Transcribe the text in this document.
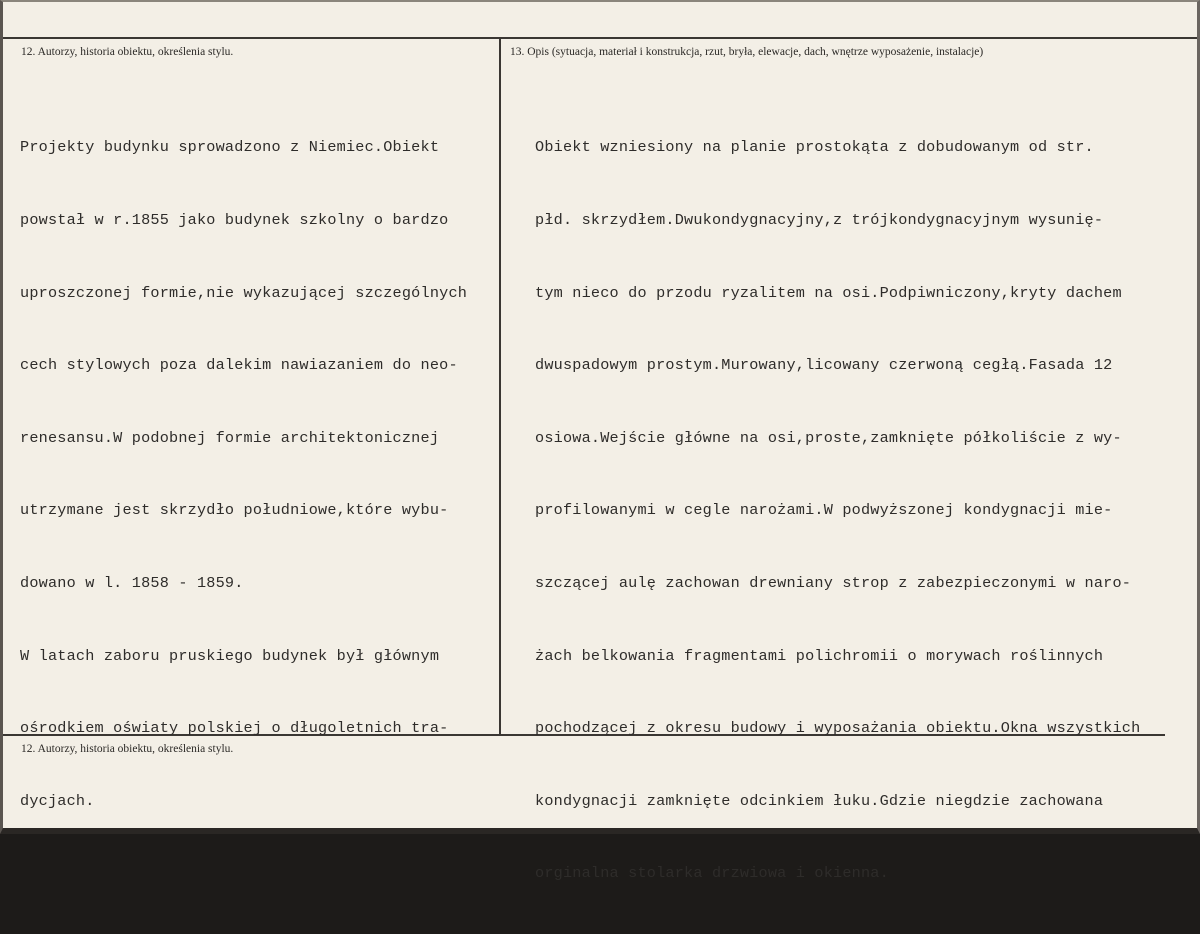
12. Autorzy, historia obiektu, określenia stylu.	13. Opis (sytuacja, materiał i konstrukcja, rzut, bryła, elewacje, dach, wnętrze wyposażenie, instalacje)
12. Autorzy, historia obiektu, określenia stylu.

Projekty budynku sprowadzono z Niemiec.Obiekt

powstał w r.1855 jako budynek szkolny o bardzo

uproszczonej formie,nie wykazującej szczególnych

cech stylowych poza dalekim nawiazaniem do neo-

renesansu.W podobnej formie architektonicznej

utrzymane jest skrzydło południowe,które wybu-

dowano w l. 1858 - 1859.

W latach zaboru pruskiego budynek był głównym

ośrodkiem oświaty polskiej o długoletnich tra-

dycjach.

Obiekt wzniesiony na planie prostokąta z dobudowanym od str.

płd. skrzydłem.Dwukondygnacyjny,z trójkondygnacyjnym wysunię-

tym nieco do przodu ryzalitem na osi.Podpiwniczony,kryty dachem

dwuspadowym prostym.Murowany,licowany czerwoną cegłą.Fasada 12

osiowa.Wejście główne na osi,proste,zamknięte półkoliście z wy-

profilowanymi w cegle narożami.W podwyższonej kondygnacji mie-

szczącej aulę zachowan drewniany strop z zabezpieczonymi w naro-

żach belkowania fragmentami polichromii o morywach roślinnych

pochodzącej z okresu budowy i wyposażania obiektu.Okna wszystkich

kondygnacji zamknięte odcinkiem łuku.Gdzie niegdzie zachowana

orginalna stolarka drzwiowa i okienna.
